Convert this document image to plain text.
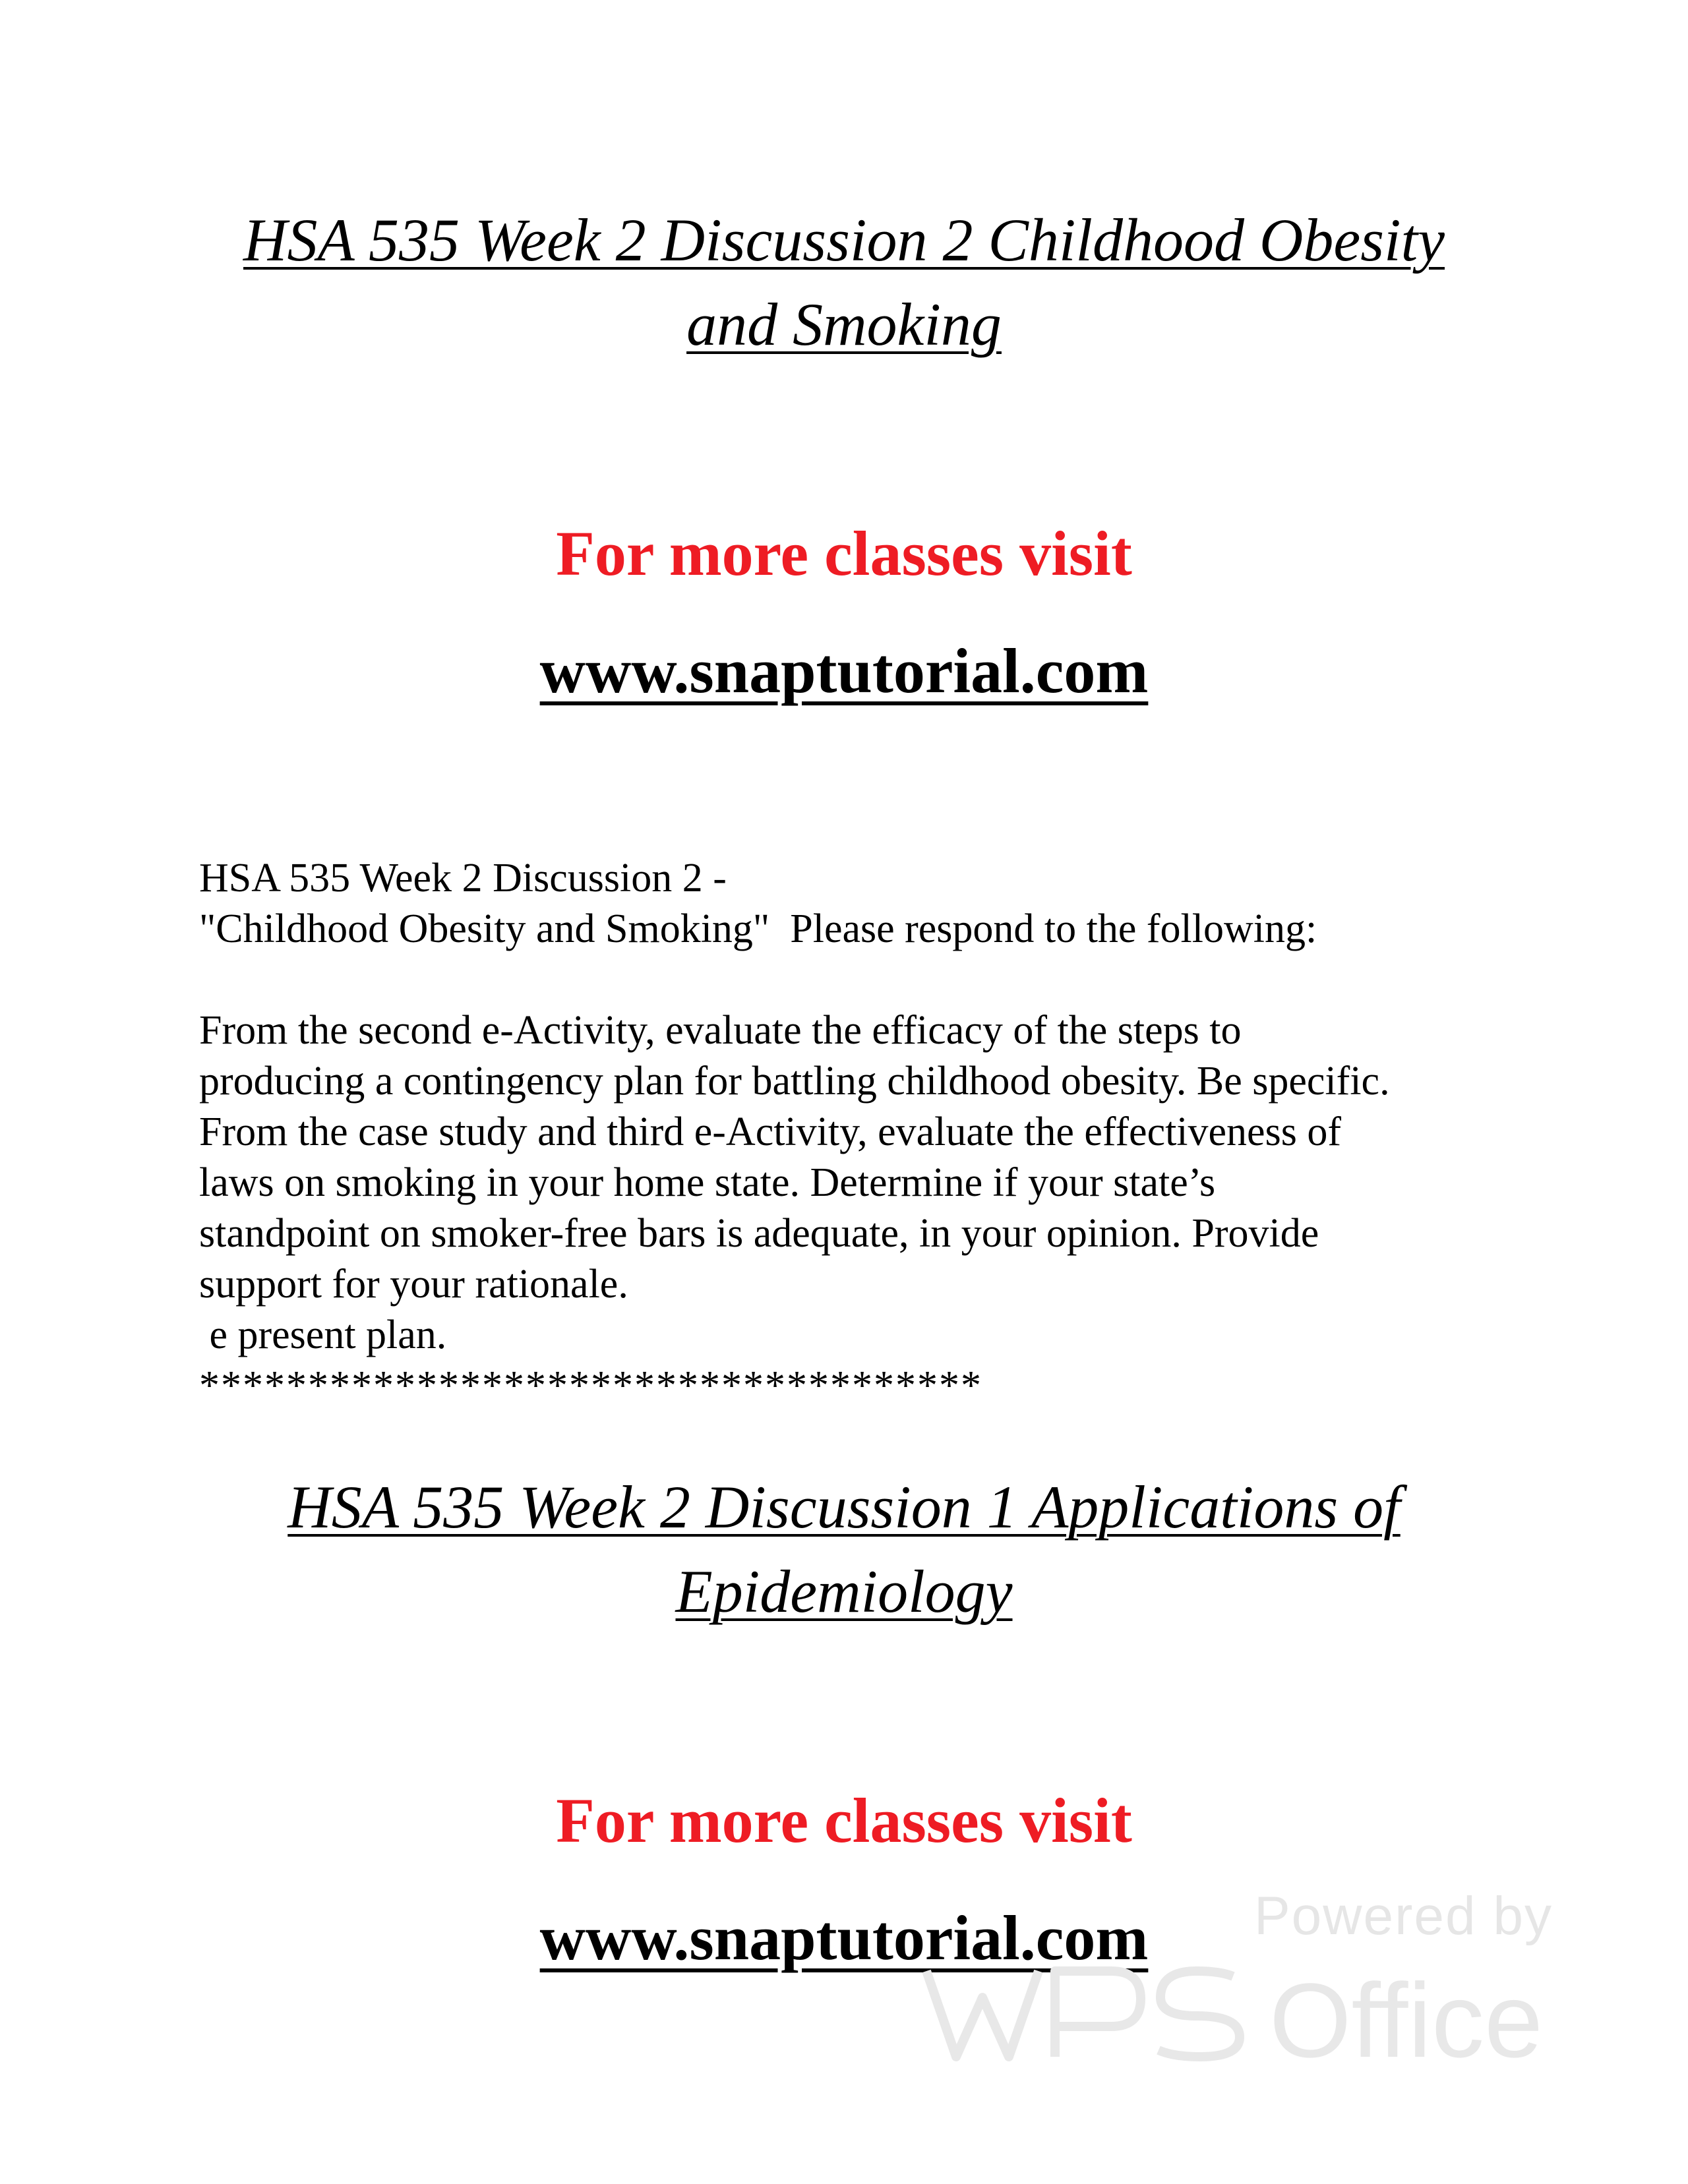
HSA 535 Week 2 Discussion 2 Childhood Obesity
and Smoking

For more classes visit

www.snaptutorial.com

HSA 535 Week 2 Discussion 2 -

"Childhood Obesity and Smoking"  Please respond to the following:

From the second e-Activity, evaluate the efficacy of the steps to

producing a contingency plan for battling childhood obesity. Be specific.

From the case study and third e-Activity, evaluate the effectiveness of

laws on smoking in your home state. Determine if your state’s

standpoint on smoker-free bars is adequate, in your opinion. Provide

support for your rationale.

e present plan.

************************************

HSA 535 Week 2 Discussion 1 Applications of
Epidemiology

For more classes visit

www.snaptutorial.com	Powered by
Office
